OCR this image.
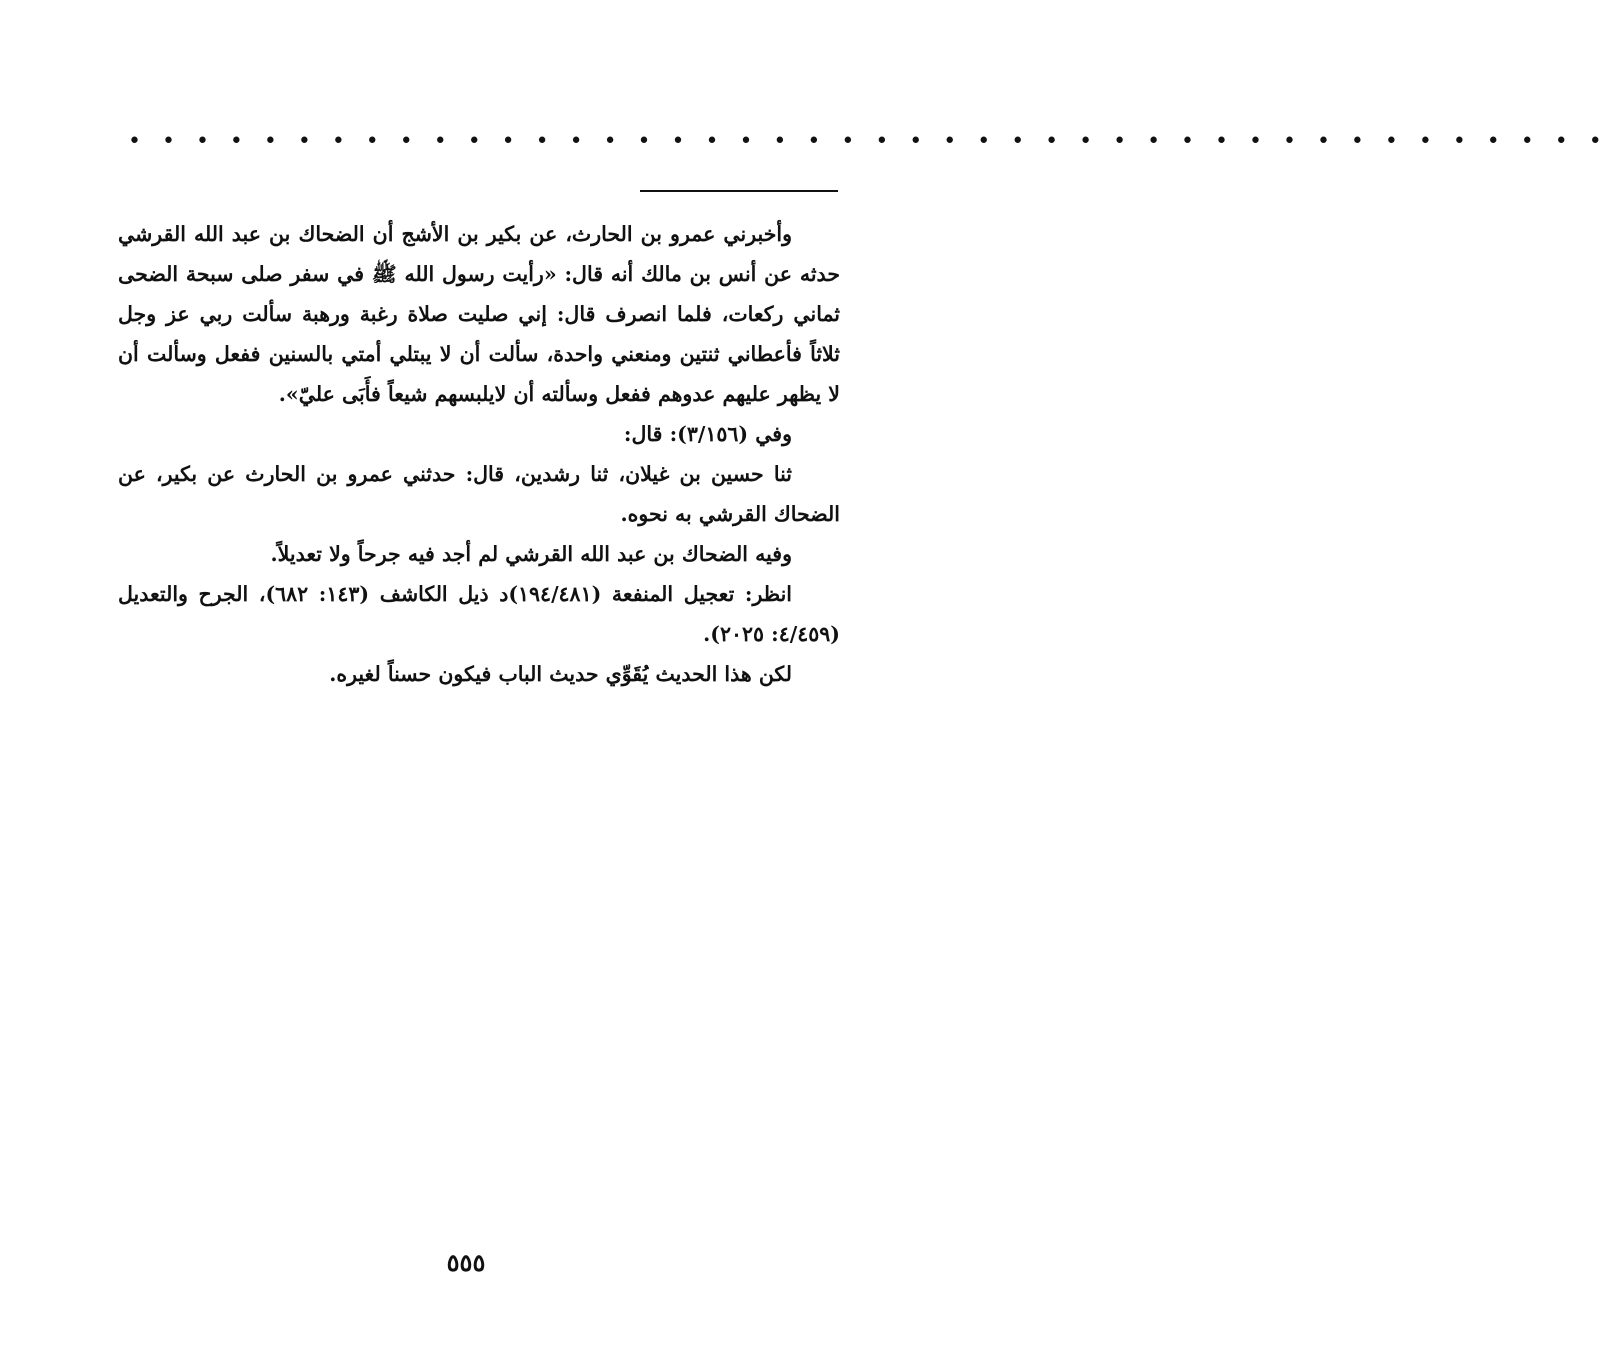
• • • • • • • • • • • • • • • • • • • • • • • • • • • • • • • • • • • • • • • • • • • •

وأخبرني عمرو بن الحارث، عن بكير بن الأشج أن الضحاك بن عبد الله القرشي حدثه عن أنس بن مالك أنه قال: «رأيت رسول الله ﷺ في سفر صلى سبحة الضحى ثماني ركعات، فلما انصرف قال: إني صليت صلاة رغبة ورهبة سألت ربي عز وجل ثلاثاً فأعطاني ثنتين ومنعني واحدة، سألت أن لا يبتلي أمتي بالسنين ففعل وسألت أن لا يظهر عليهم عدوهم ففعل وسألته أن لايلبسهم شيعاً فأَبَى عليّ».

وفي (٣/١٥٦): قال:

ثنا حسين بن غيلان، ثنا رشدين، قال: حدثني عمرو بن الحارث عن بكير، عن الضحاك القرشي به نحوه.

وفيه الضحاك بن عبد الله القرشي لم أجد فيه جرحاً ولا تعديلاً.

انظر: تعجيل المنفعة (١٩٤/٤٨١)د ذيل الكاشف (١٤٣: ٦٨٢)، الجرح والتعديل (٤/٤٥٩: ٢٠٢٥).

لكن هذا الحديث يُقَوِّي حديث الباب فيكون حسناً لغيره.

٥٥٥
